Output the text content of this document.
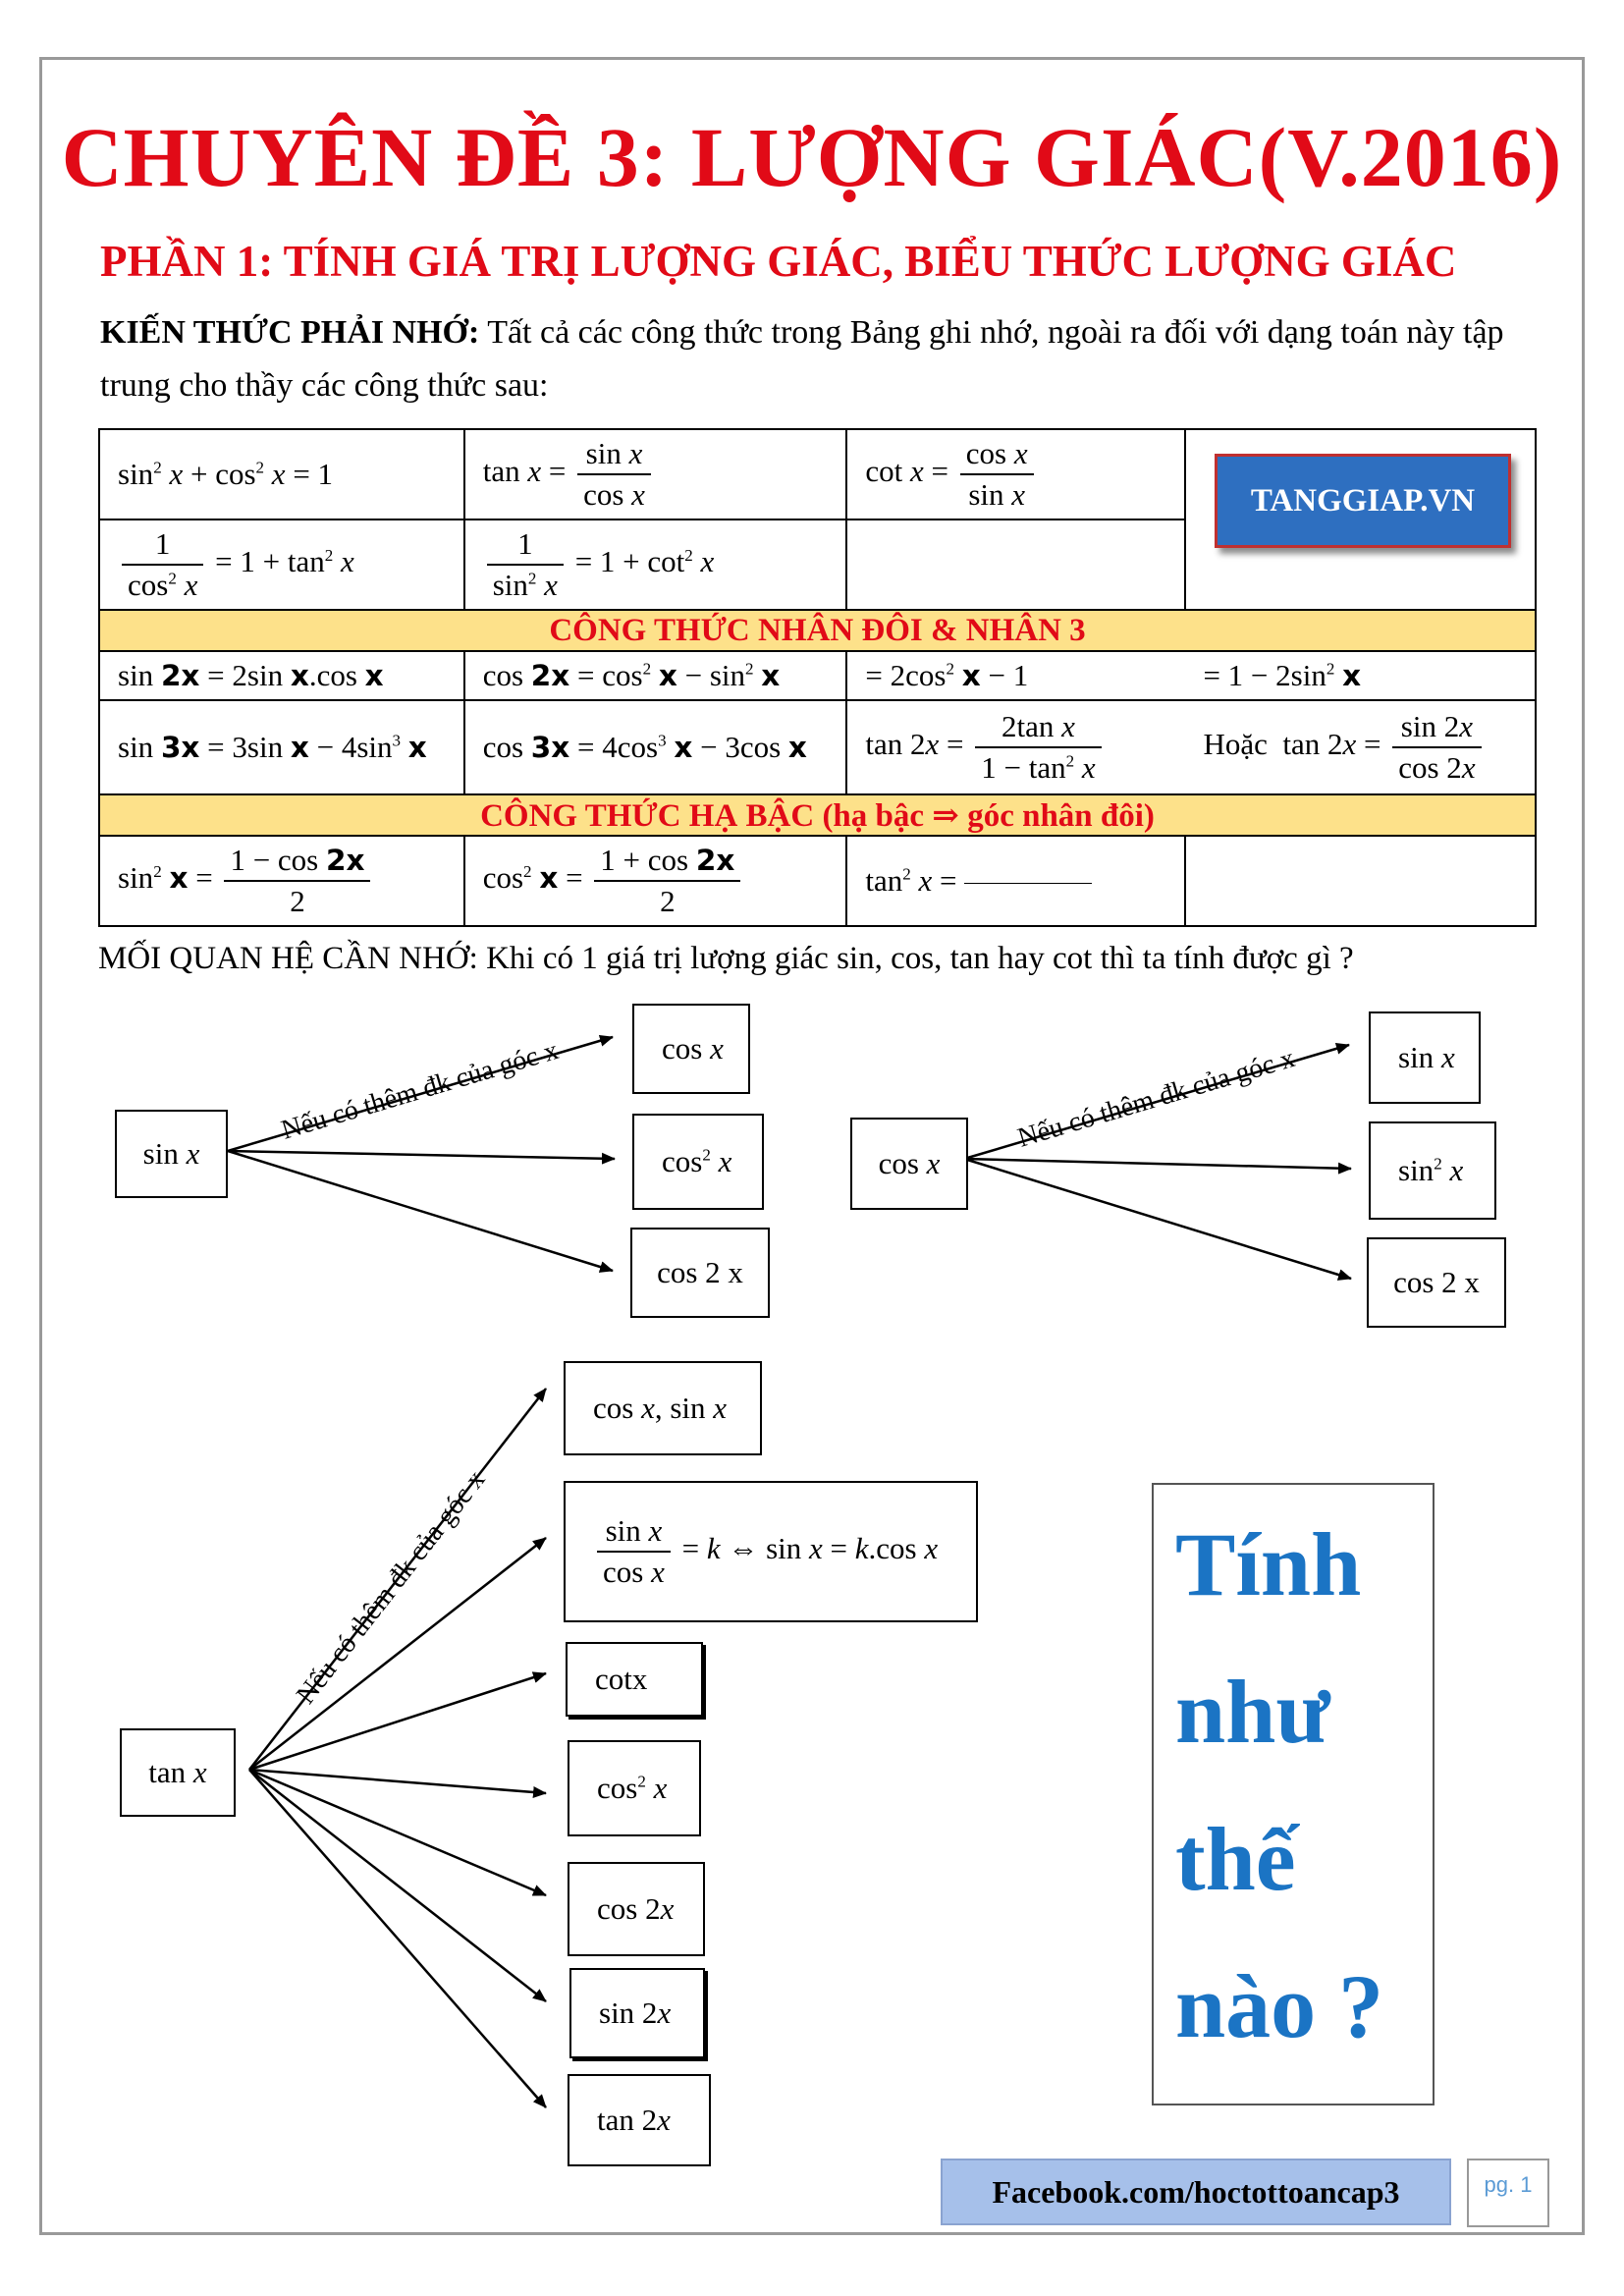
CHUYÊN ĐỀ 3: LƯỢNG GIÁC(V.2016)
PHẦN 1: TÍNH GIÁ TRỊ LƯỢNG GIÁC, BIỂU THỨC LƯỢNG GIÁC
KIẾN THỨC PHẢI NHỚ: Tất cả các công thức trong Bảng ghi nhớ, ngoài ra đối với dạng toán này tập trung cho thầy các công thức sau:
$\sin^2 x + \cos^2 x = 1$	$\tan x = \frac{\text{sin x}}{\text{cos x}}$	$\cot x = \frac{\text{cos x}}{\text{sin x}}$

$\frac{1}{\cos^2 x} = 1 + \tan^2 x$	$\frac{1}{\sin^2 x} = 1 + \cot^2 x$		
CÔNG THỨC NHÂN ĐÔI & NHÂN 3			
sin 2x = 2sin x.cos x	$\cos 2x = \cos^2 x - \sin^2 x$	= $2\cos^2$ x − 1	= $1 - 2\sin^2$ x
sin 3x = 3sin $x - 4\sin^3$ x	$\cos 3x = 4\cos^3$ x − 3cos x	$\tan 2x = \frac{\text{2tan x}}{1 - \tan^2 x}$	Hoặc  $\tan 2x = \frac{\sin 2x}{\cos 2x}$

CÔNG THỨC HẠ BẬC (hạ bậc ⇒ góc nhân đôi)			
$\sin^2 x = \frac{1 - \cos 2x}{2}$	$\cos^2 x = \frac{1 + \cos 2x}{2}$	$\tan^2 x$ =	
TANGGIAP.VN
MỐI QUAN HỆ CẦN NHỚ: Khi có 1 giá trị lượng giác sin, cos, tan hay cot thì ta tính được gì ?
Nếu có thêm đk của góc x	Nếu có thêm đk của góc x
Nếu có thêm đk của góc x
sin x
cos x
$\cos^2 x$
cos 2 x
cos x
sin x
$\sin^2 x$
cos 2 x
tan x
cos x, sin x
$\frac{\text{sin x}}{\text{cos x}} = k$ ⇔ sin x = k.cos x
cotx
$\cos^2 x$
cos 2x
sin 2x
tan 2x
Tính
như
thế
nào ?
Facebook.com/hoctottoancap3	pg. 1
